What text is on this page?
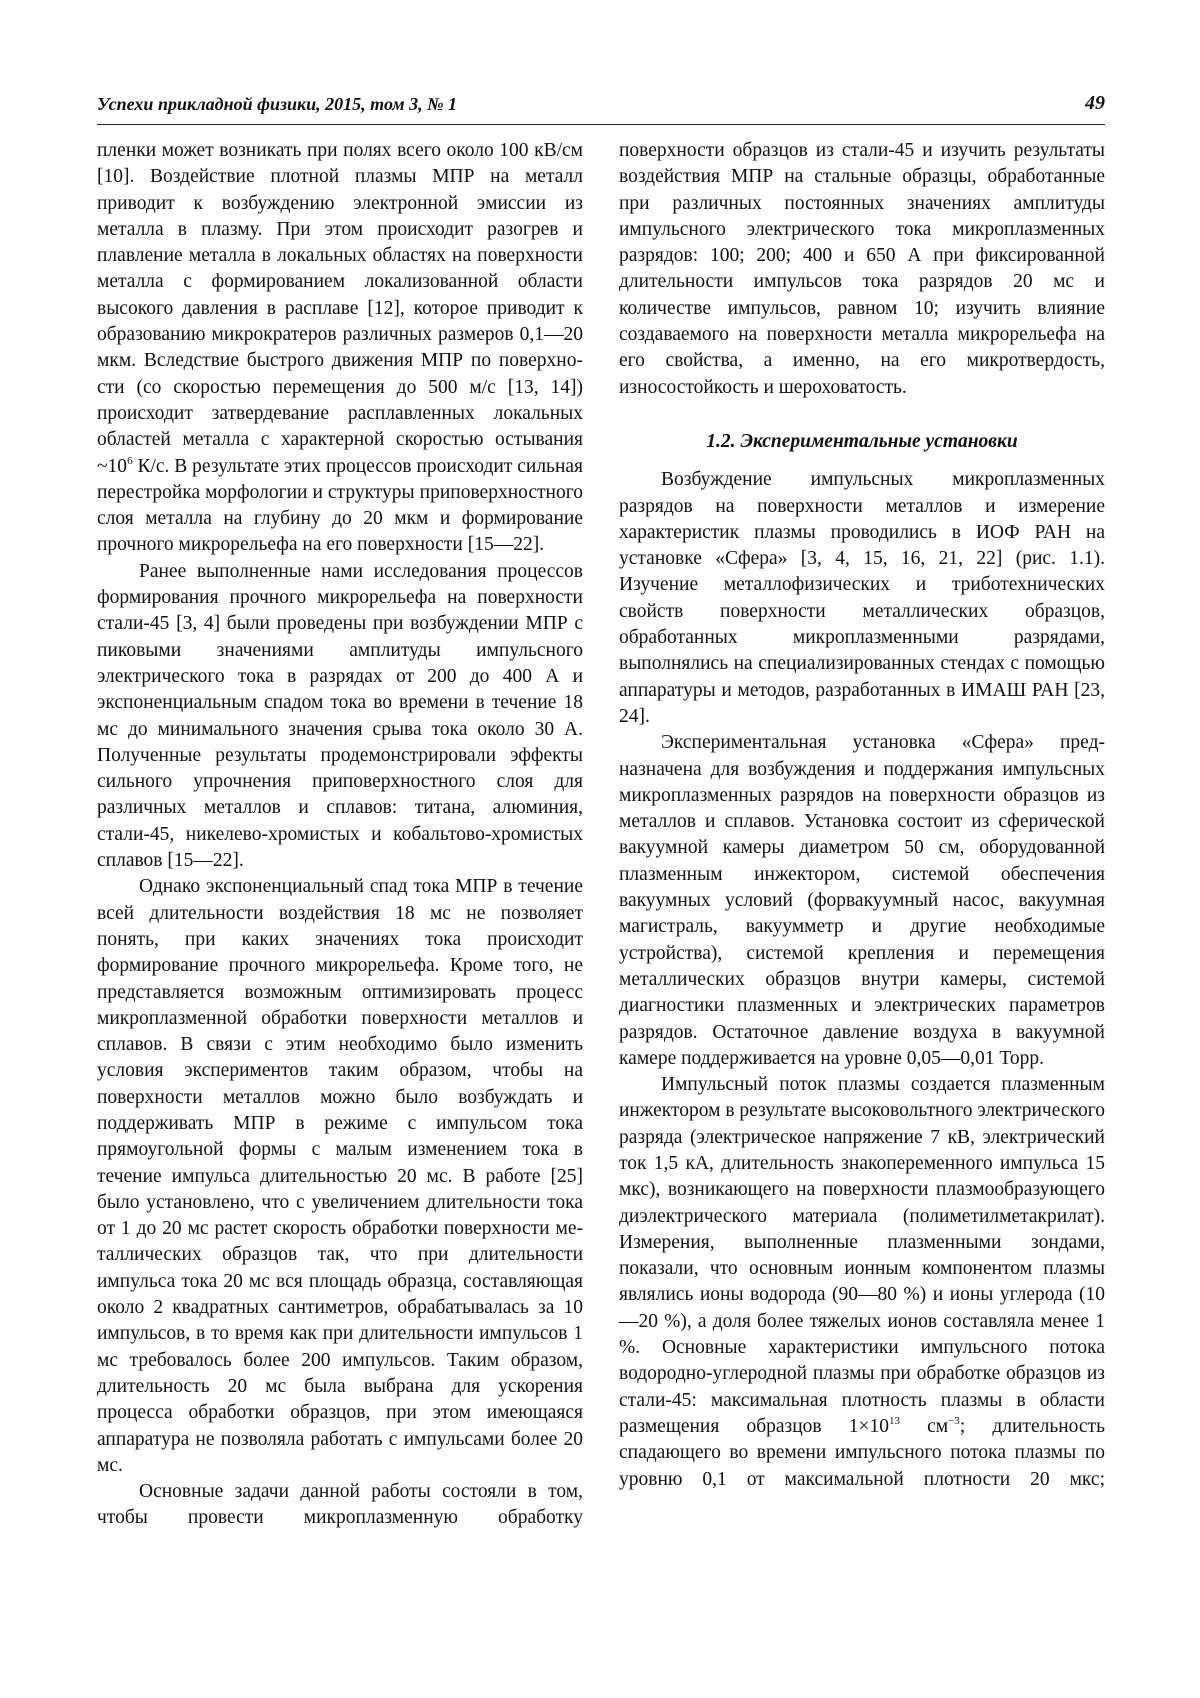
Успехи прикладной физики, 2015, том 3, № 1	49

пленки может возникать при полях всего около 100 кВ/см [10]. Воздействие плотной плазмы МПР на металл приводит к возбуждению электронной эмиссии из металла в плазму. При этом происходит разогрев и плавление металла в локальных областях на поверхности металла с формированием локализованной области высокого давления в расплаве [12], которое приводит к образованию микрократеров различных размеров 0,1—20 мкм. Вследствие быстрого движения МПР по поверхности (со скоростью перемещения до 500 м/с [13, 14]) происходит затвердевание расплавленных локальных областей металла с характерной скоростью остывания $\sim 10^6$ К/с. В результате этих процессов происходит сильная перестройка морфологии и структуры приповерхностного слоя металла на глубину до 20 мкм и формирование прочного микрорельефа на его поверхности [15—22].

Ранее выполненные нами исследования процессов формирования прочного микрорельефа на поверхности стали-45 [3, 4] были проведены при возбуждении МПР с пиковыми значениями амплитуды импульсного электрического тока в разрядах от 200 до 400 А и экспоненциальным спадом тока во времени в течение 18 мс до минимального значения срыва тока около 30 А. Полученные результаты продемонстрировали эффекты сильного упрочнения приповерхностного слоя для различных металлов и сплавов: титана, алюминия, стали-45, никелево-хромистых и кобальтово-хромистых сплавов [15—22].

Однако экспоненциальный спад тока МПР в течение всей длительности воздействия 18 мс не позволяет понять, при каких значениях тока происходит формирование прочного микрорельефа. Кроме того, не представляется возможным оптимизировать процесс микроплазменной обработки поверхности металлов и сплавов. В связи с этим необходимо было изменить условия экспериментов таким образом, чтобы на поверхности металлов можно было возбуждать и поддерживать МПР в режиме с импульсом тока прямоугольной формы с малым изменением тока в течение импульса длительностью 20 мс. В работе [25] было установлено, что с увеличением длительности тока от 1 до 20 мс растет скорость обработки поверхности металлических образцов так, что при длительности импульса тока 20 мс вся площадь образца, составляющая около 2 квадратных сантиметров, обрабатывалась за 10 импульсов, в то время как при длительности импульсов 1 мс требовалось более 200 импульсов. Таким образом, длительность 20 мс была выбрана для ускорения процесса обработки образцов, при этом имеющаяся аппаратура не позволяла работать с импульсами более 20 мс.

Основные задачи данной работы состояли в том, чтобы провести микроплазменную обработку

поверхности образцов из стали-45 и изучить результаты воздействия МПР на стальные образцы, обработанные при различных постоянных значениях амплитуды импульсного электрического тока микроплазменных разрядов: 100; 200; 400 и 650 А при фиксированной длительности импульсов тока разрядов 20 мс и количестве импульсов, равном 10; изучить влияние создаваемого на поверхности металла микрорельефа на его свойства, а именно, на его микротвердость, износостойкость и шероховатость.

1.2. Экспериментальные установки

Возбуждение импульсных микроплазменных разрядов на поверхности металлов и измерение характеристик плазмы проводились в ИОФ РАН на установке «Сфера» [3, 4, 15, 16, 21, 22] (рис. 1.1). Изучение металлофизических и триботехнических свойств поверхности металлических образцов, обработанных микроплазменными разрядами, выполнялись на специализированных стендах с помощью аппаратуры и методов, разработанных в ИМАШ РАН [23, 24].

Экспериментальная установка «Сфера» предназначена для возбуждения и поддержания импульсных микроплазменных разрядов на поверхности образцов из металлов и сплавов. Установка состоит из сферической вакуумной камеры диаметром 50 см, оборудованной плазменным инжектором, системой обеспечения вакуумных условий (форвакуумный насос, вакуумная магистраль, вакуумметр и другие необходимые устройства), системой крепления и перемещения металлических образцов внутри камеры, системой диагностики плазменных и электрических параметров разрядов. Остаточное давление воздуха в вакуумной камере поддерживается на уровне 0,05—0,01 Торр.

Импульсный поток плазмы создается плазменным инжектором в результате высоковольтного электрического разряда (электрическое напряжение 7 кВ, электрический ток 1,5 кА, длительность знакопеременного импульса 15 мкс), возникающего на поверхности плазмообразующего диэлектрического материала (полиметилметакрилат). Измерения, выполненные плазменными зондами, показали, что основным ионным компонентом плазмы являлись ионы водорода (90—80 %) и ионы углерода (10—20 %), а доля более тяжелых ионов составляла менее 1 %. Основные характеристики импульсного потока водородно-углеродной плазмы при обработке образцов из стали-45: максимальная плотность плазмы в области размещения образцов $1\times 10^{13}$ $см^{-3}$; длительность спадающего во времени импульсного потока плазмы по уровню 0,1 от максимальной плотности 20 мкс;
